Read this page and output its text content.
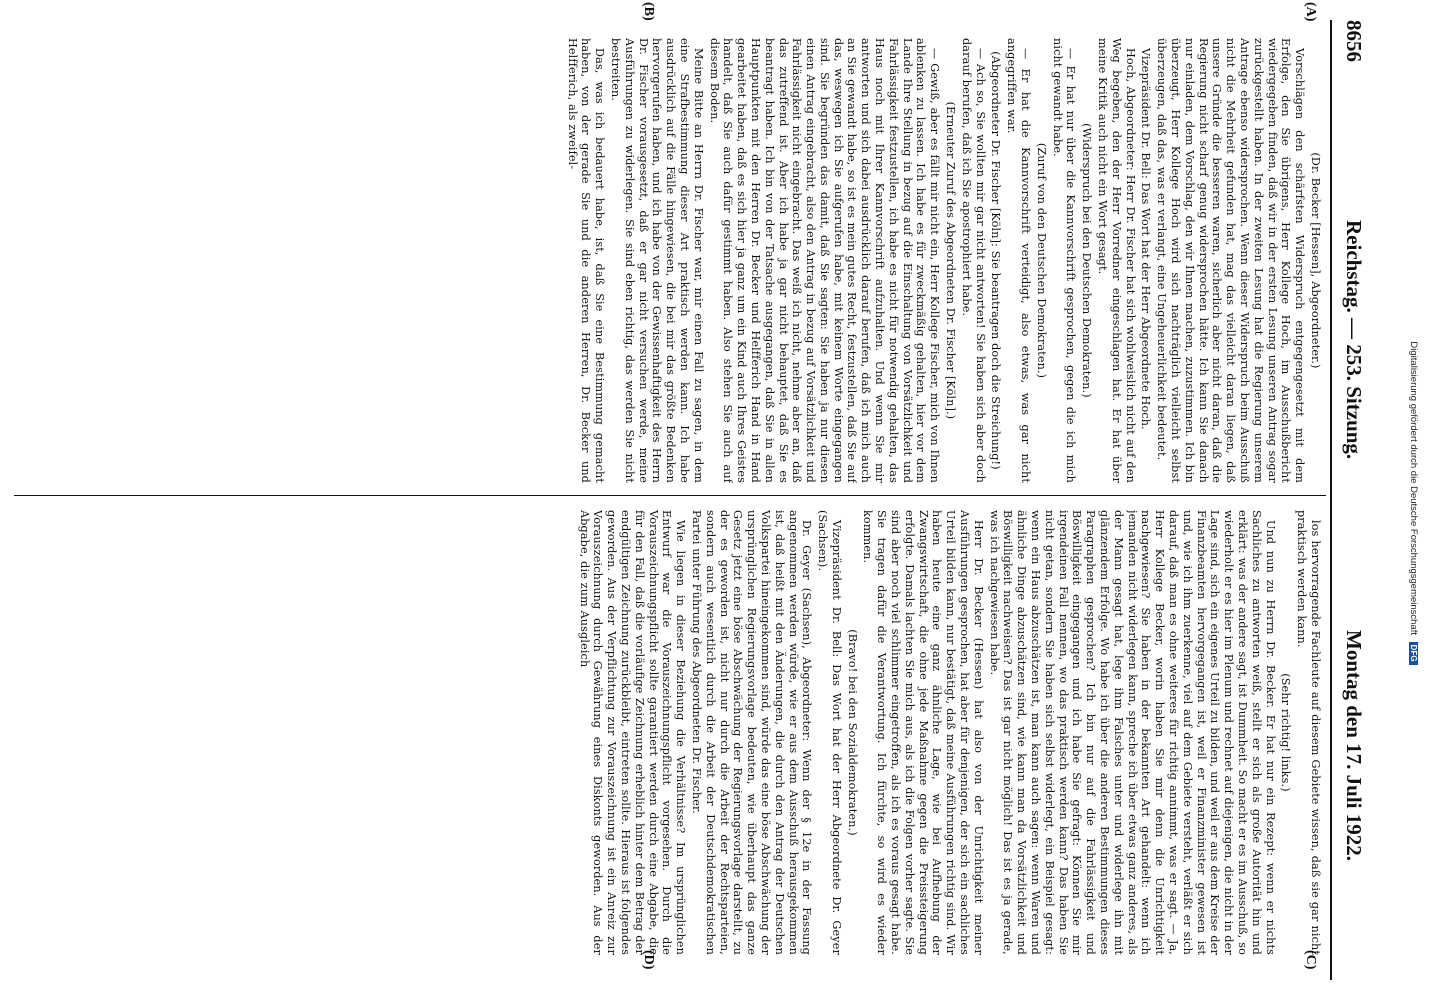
8656
Reichstag. — 253. Sitzung.
Montag den 17. Juli 1922.
(A)
(B)
(C)
(D)

(Dr. Becker [Hessen], Abgeordneter.)

Vorschlägen den schärfsten Widerspruch entgegengesetzt mit dem Erfolge, den Sie übrigens, Herr Kollege Hoch, im Ausschußbericht wiedergegeben finden, daß wir in der ersten Lesung unseren Antrag sogar zurückgestellt haben. In der zweiten Lesung hat die Regierung unserem Antrage ebenso widersprochen. Wenn dieser Widerspruch beim Ausschuß nicht die Mehrheit gefunden hat, mag das vielleicht daran liegen, daß unsere Gründe die besseren waren, sicherlich aber nicht daran, daß die Regierung nicht scharf genug widersprochen hätte. Ich kann Sie danach nur einladen, dem Vorschlag, den wir Ihnen machen, zuzustimmen. Ich bin überzeugt, Herr Kollege Hoch wird sich nachträglich vielleicht selbst überzeugen, daß das, was er verlangt, eine Ungeheuerlichkeit bedeutet.

Vizepräsident Dr. Bell: Das Wort hat der Herr Abgeordnete Hoch.

Hoch, Abgeordneter: Herr Dr. Fischer hat sich wohlweislich nicht auf den Weg begeben, den der Herr Vorredner eingeschlagen hat. Er hat über meine Kritik auch nicht ein Wort gesagt.

(Widerspruch bei den Deutschen Demokraten.)

— Er hat nur über die Kannvorschrift gesprochen, gegen die ich mich nicht gewandt habe.

(Zuruf von den Deutschen Demokraten.)

— Er hat die Kannvorschrift verteidigt, also etwas, was gar nicht angegriffen war.

(Abgeordneter Dr. Fischer [Köln]: Sie beantragen doch die Streichung!)

— Ach so, Sie wollten mir gar nicht antworten! Sie haben sich aber doch darauf berufen, daß ich Sie apostrophiert habe.

(Erneuter Zuruf des Abgeordneten Dr. Fischer [Köln].)

— Gewiß, aber es fällt mir nicht ein, Herr Kollege Fischer, mich von Ihnen ablenken zu lassen. Ich habe es für zweckmäßig gehalten, hier vor dem Lande Ihre Stellung in bezug auf die Einschaltung von Vorsätzlichkeit und Fahrlässigkeit festzustellen, ich habe es nicht für notwendig gehalten, das Haus noch mit Ihrer Kannvorschrift aufzuhalten. Und wenn Sie mir antworten und sich dabei ausdrücklich darauf berufen, daß ich mich auch an Sie gewandt habe, so ist es mein gutes Recht, festzustellen, daß Sie auf das, weswegen ich Sie aufgerufen habe, mit keinem Worte eingegangen sind. Sie begründen das damit, daß Sie sagten: Sie haben ja nur diesen einen Antrag eingebracht, also den Antrag in bezug auf Vorsätzlichkeit und Fahrlässigkeit nicht eingebracht. Das weiß ich nicht, nehme aber an, daß das zutreffend ist. Aber ich habe ja gar nicht behauptet, daß Sie es beantragt haben. Ich bin von der Tatsache ausgegangen, daß Sie in allen Hauptpunkten mit den Herren Dr. Becker und Helfferich Hand in Hand gearbeitet haben, daß es sich hier ja ganz um ein Kind auch Ihres Geistes handelt, daß Sie auch dafür gestimmt haben. Also stehen Sie auch auf diesem Boden.

Meine Bitte an Herrn Dr. Fischer war, mir einen Fall zu sagen, in dem eine Strafbestimmung dieser Art praktisch werden kann. Ich habe ausdrücklich auf die Fälle hingewiesen, die bei mir das größte Bedenken hervorgerufen haben, und ich habe von der Gewissenhaftigkeit des Herrn Dr. Fischer vorausgesetzt, daß er gar nicht versuchen werde, meine Ausführungen zu widerlegen. Sie sind eben richtig, das werden Sie nicht bestreiten.

Das, was ich bedauert habe, ist, daß Sie eine Bestimmung gemacht haben, von der gerade Sie und die anderen Herren, Dr. Becker und Helfferich, als zweifel-

los hervorragende Fachleute auf diesem Gebiete wissen, daß sie gar nicht praktisch werden kann.

(Sehr richtig! links.)

Und nun zu Herrn Dr. Becker. Er hat nur ein Rezept: wenn er nichts Sachliches zu antworten weiß, stellt er sich als große Autorität hin und erklärt: was der andere sagt, ist Dummheit. So macht er es im Ausschuß, so wiederholt er es hier im Plenum und rechnet auf diejenigen, die nicht in der Lage sind, sich ein eigenes Urteil zu bilden, und weil er aus dem Kreise der Finanzbeamten hervorgegangen ist, weil er Finanzminister gewesen ist und, wie ich ihm zuerkenne, viel auf dem Gebiete versteht, verläßt er sich darauf, daß man es ohne weiteres für richtig annimmt, was er sagt. — Ja, Herr Kollege Becker, worin haben Sie mir denn die Unrichtigkeit nachgewiesen? Sie haben in der bekannten Art gehandelt: wenn ich jemanden nicht widerlegen kann, spreche ich über etwas ganz anderes, als der Mann gesagt hat, lege ihm Falsches unter und widerlege ihn mit glänzendem Erfolge. Wo habe ich über die anderen Bestimmungen dieses Paragraphen gesprochen? Ich bin nur auf die Fahrlässigkeit und Böswilligkeit eingegangen und ich habe Sie gefragt: Können Sie mir irgendeinen Fall nennen, wo das praktisch werden kann? Das haben Sie nicht getan, sondern Sie haben sich selbst widerlegt, ein Beispiel gesagt: wenn ein Haus abzuschätzen ist, man kann auch sagen: wenn Waren und ähnliche Dinge abzuschätzen sind, wie kann man da Vorsätzlichkeit und Böswilligkeit nachweisen? Das ist gar nicht möglich! Das ist es ja gerade, was ich nachgewiesen habe.

Herr Dr. Becker (Hessen) hat also von der Unrichtigkeit meiner Ausführungen gesprochen, hat aber für denjenigen, der sich ein sachliches Urteil bilden kann, nur bestätigt, daß meine Ausführungen richtig sind. Wir haben heute eine ganz ähnliche Lage, wie bei Aufhebung der Zwangswirtschaft, die ohne jede Maßnahme gegen die Preissteigerung erfolgte. Damals lachten Sie mich aus, als ich die Folgen vorher sagte. Sie sind aber noch viel schlimmer eingetroffen, als ich es voraus gesagt habe. Sie tragen dafür die Verantwortung. Ich fürchte, so wird es wieder kommen.

(Bravo! bei den Sozialdemokraten.)

Vizepräsident Dr. Bell: Das Wort hat der Herr Abgeordnete Dr. Geyer (Sachsen).

Dr. Geyer (Sachsen), Abgeordneter: Wenn der § 12e in der Fassung angenommen werden würde, wie er aus dem Ausschuß herausgekommen ist, daß heißt mit den Änderungen, die durch den Antrag der Deutschen Volkspartei hineingekommen sind, würde das eine böse Abschwächung der ursprünglichen Regierungsvorlage bedeuten, wie überhaupt das ganze Gesetz jetzt eine böse Abschwächung der Regierungsvorlage darstellt, zu der es geworden ist, nicht nur durch die Arbeit der Rechtsparteien, sondern auch wesentlich durch die Arbeit der Deutschdemokratischen Partei unter Führung des Abgeordneten Dr. Fischer.

Wie liegen in dieser Beziehung die Verhältnisse? Im ursprünglichen Entwurf war die Vorauszeichnungspflicht vorgesehen. Durch die Vorauszeichnungspflicht sollte garantiert werden durch eine Abgabe, die für den Fall, daß die vorläufige Zeichnung erheblich hinter dem Betrag der endgültigen Zeichnung zurückbleibt, eintreten sollte. Hieraus ist folgendes geworden. Aus der Verpflichtung zur Vorauszeichnung ist ein Anreiz zur Vorauszeichnung durch Gewährung eines Diskonts geworden. Aus der Abgabe, die zum Ausgleich	Digitalisierung gefördert durch die Deutsche Forschungsgemeinschaft DFG
